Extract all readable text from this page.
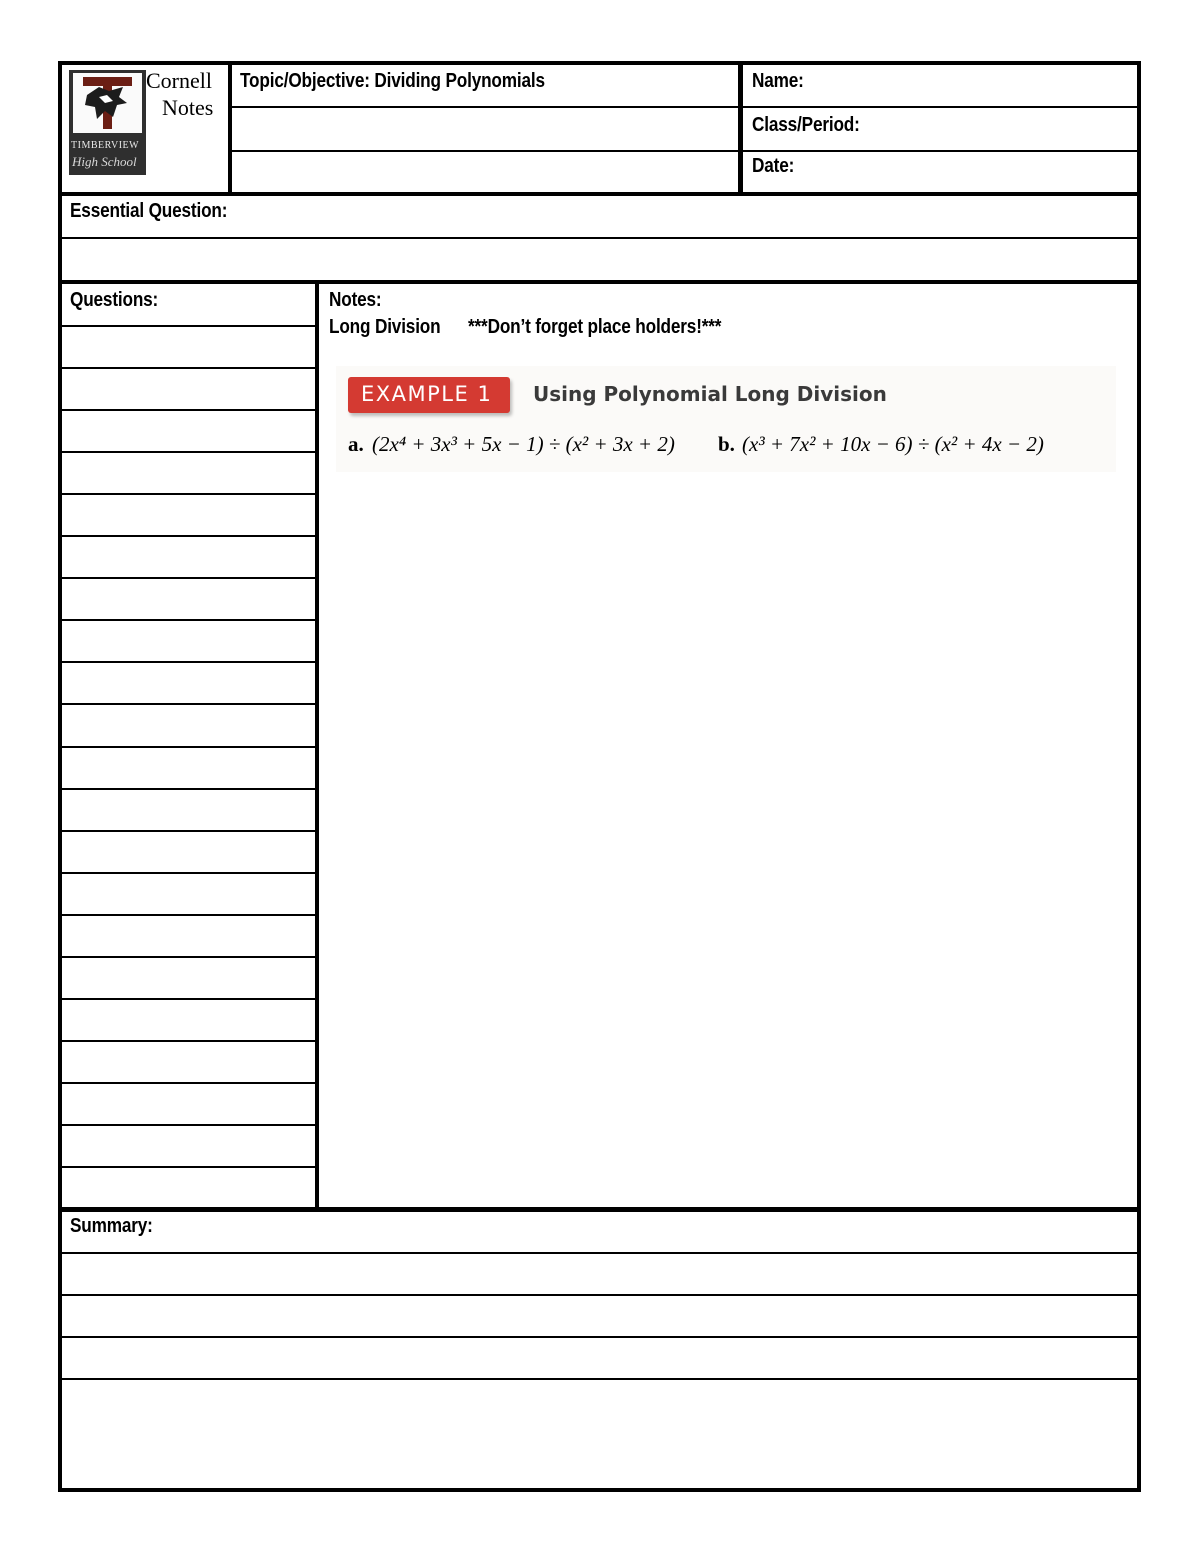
TIMBERVIEW
High School
Cornell
Notes
Topic/Objective: Dividing Polynomials	Name:
Class/Period:
Date:
Essential Question:
Questions:	Notes:
Long Division ***Don’t forget place holders!***
EXAMPLE 1 Using Polynomial Long Division
a. (2x⁴ + 3x³ + 5x − 1) ÷ (x² + 3x + 2) b. (x³ + 7x² + 10x − 6) ÷ (x² + 4x − 2)
Summary:
